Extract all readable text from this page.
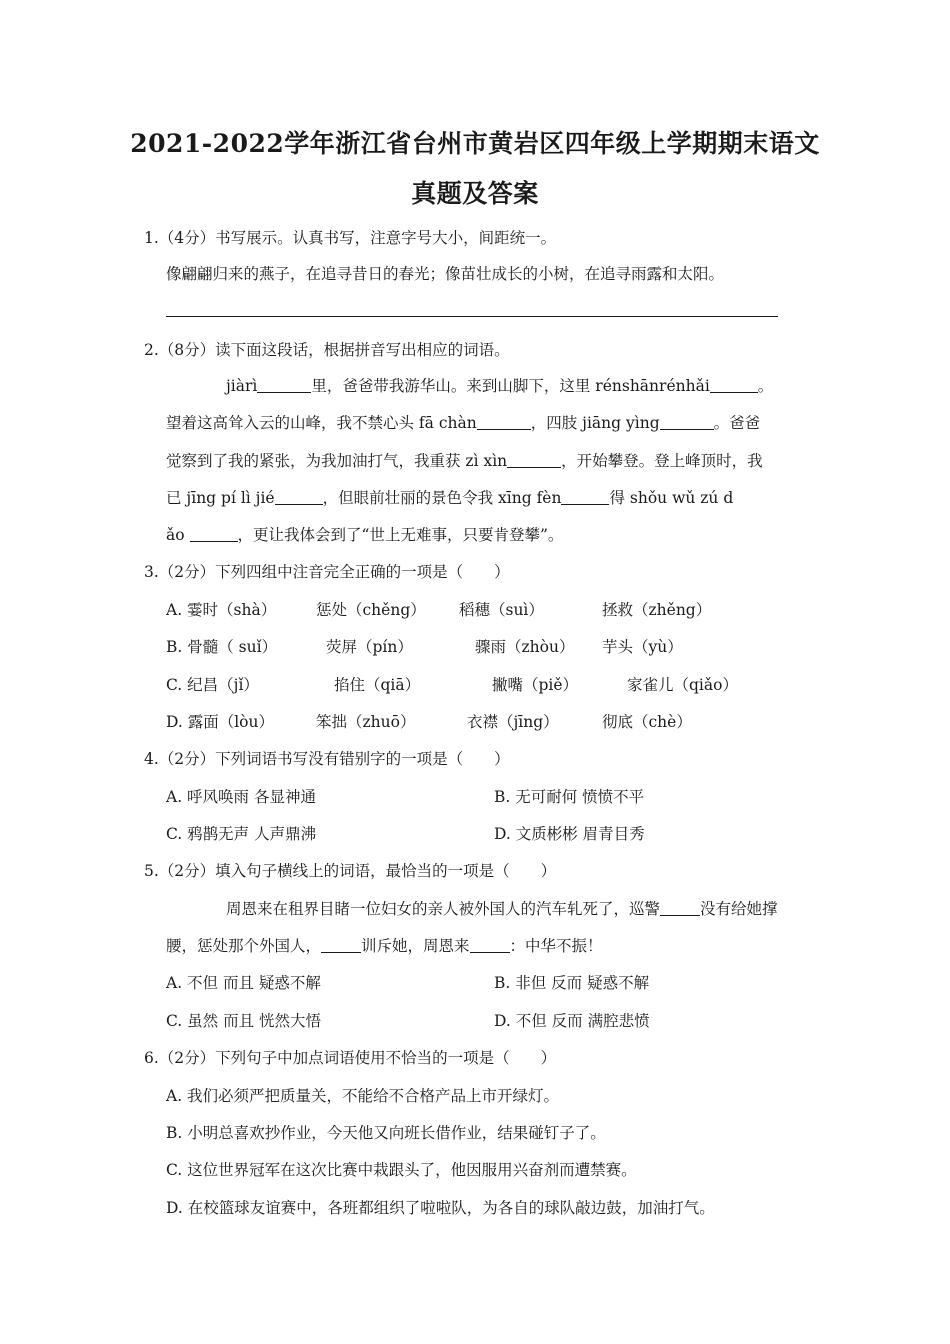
2021-2022学年浙江省台州市黄岩区四年级上学期期末语文
真题及答案
1.（4分）书写展示。认真书写，注意字号大小，间距统一。
像翩翩归来的燕子，在追寻昔日的春光；像苗壮成长的小树，在追寻雨露和太阳。
2.（8分）读下面这段话，根据拼音写出相应的词语。
jiàrì	里，爸爸带我游华山。来到山脚下，这里 rénshānrénhǎi	。
望着这高耸入云的山峰，我不禁心头 fā chàn	，四肢 jiāng yìng	。爸爸
觉察到了我的紧张，为我加油打气，我重获 zì xìn	，开始攀登。登上峰顶时，我
已 jīng pí lì jié	，但眼前壮丽的景色令我 xīng fèn	得 shǒu wǔ zú d
ǎo	，更让我体会到了“世上无难事，只要肯登攀”。
3.（2分）下列四组中注音完全正确的一项是（　　）
A. 霎时（shà）	惩处（chěng） 稻穗（suì）	拯救（zhěng）
B. 骨髓（ suǐ）	荧屏（pín）	骤雨（zhòu） 芋头（yù）
C. 纪昌（jǐ）	掐住（qiā）	撇嘴（piě）	家雀儿（qiǎo）
D. 露面（lòu）	笨拙（zhuō）	衣襟（jīng）	彻底（chè）
4.（2分）下列词语书写没有错别字的一项是（　　）
A. 呼风唤雨 各显神通	B. 无可耐何 愤愤不平
C. 鸦鹊无声 人声鼎沸	D. 文质彬彬 眉青目秀
5.（2分）填入句子横线上的词语，最恰当的一项是（　　）
周恩来在租界目睹一位妇女的亲人被外国人的汽车轧死了，巡警	没有给她撑
腰，惩处那个外国人，	训斥她，周恩来	：中华不振！
A. 不但 而且 疑惑不解	B. 非但 反而 疑惑不解
C. 虽然 而且 恍然大悟	D. 不但 反而 满腔悲愤
6.（2分）下列句子中加点词语使用不恰当的一项是（　　）
A. 我们必须严把质量关，不能给不合格产品上市开绿灯。
B. 小明总喜欢抄作业，今天他又向班长借作业，结果碰钉子了。
C. 这位世界冠军在这次比赛中栽跟头了，他因服用兴奋剂而遭禁赛。
D. 在校篮球友谊赛中，各班都组织了啦啦队，为各自的球队敲边鼓，加油打气。
